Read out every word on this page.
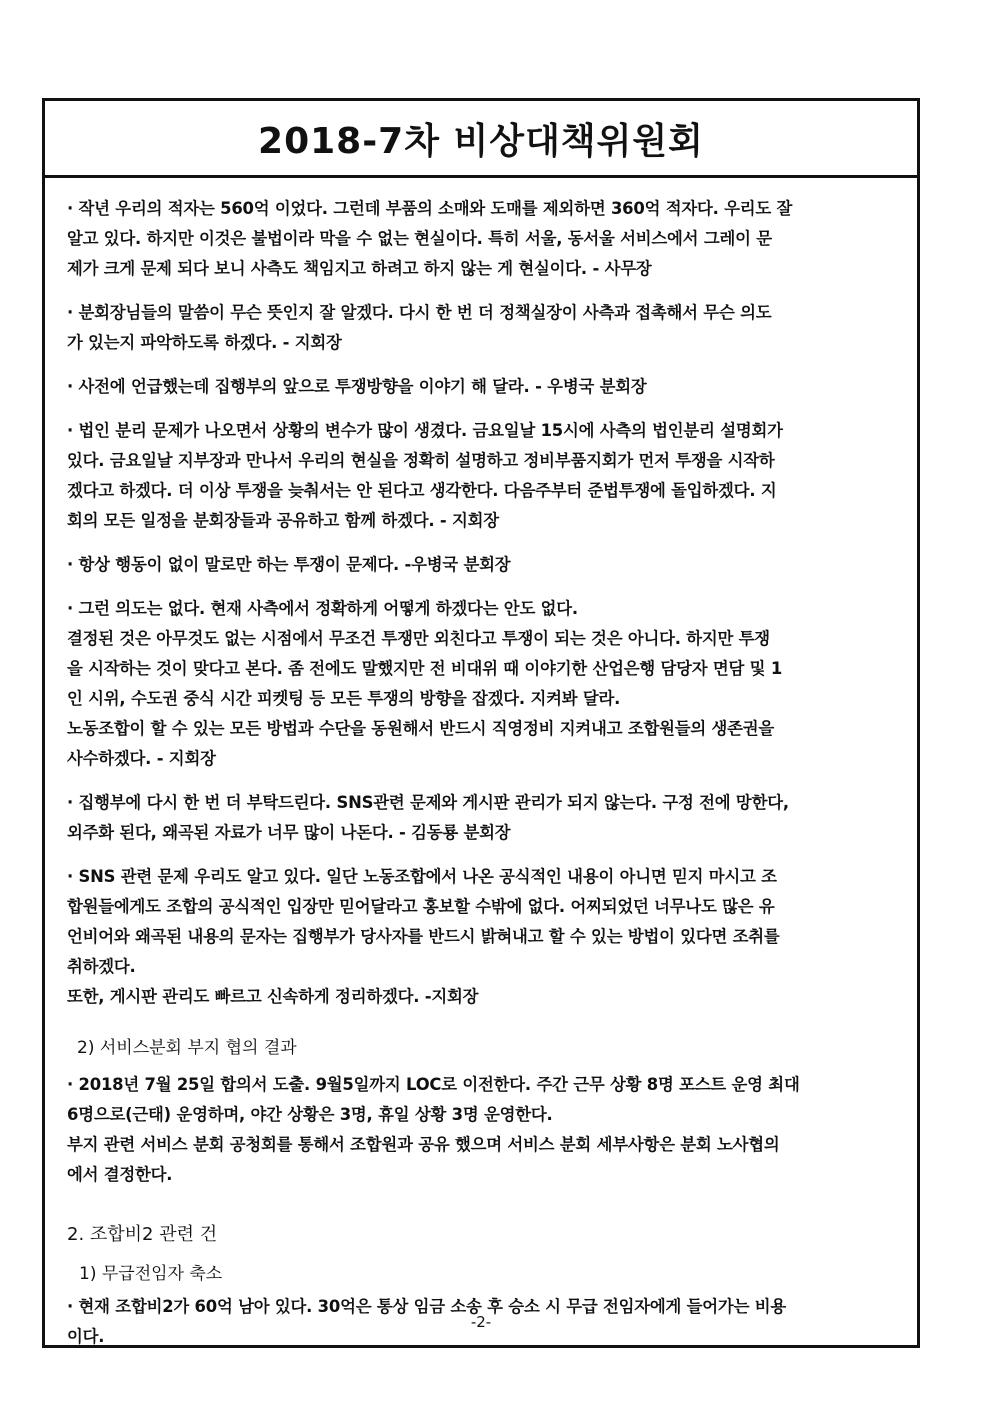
2018-7차 비상대책위원회
· 작년 우리의 적자는 560억 이었다. 그런데 부품의 소매와 도매를 제외하면 360억 적자다. 우리도 잘
알고 있다. 하지만 이것은 불법이라 막을 수 없는 현실이다. 특히 서울, 동서울 서비스에서 그레이 문
제가 크게 문제 되다 보니 사측도 책임지고 하려고 하지 않는 게 현실이다. - 사무장
· 분회장님들의 말씀이 무슨 뜻인지 잘 알겠다. 다시 한 번 더 정책실장이 사측과 접촉해서 무슨 의도
가 있는지 파악하도록 하겠다. - 지회장
· 사전에 언급했는데 집행부의 앞으로 투쟁방향을 이야기 해 달라. - 우병국 분회장
· 법인 분리 문제가 나오면서 상황의 변수가 많이 생겼다. 금요일날 15시에 사측의 법인분리 설명회가
있다. 금요일날 지부장과 만나서 우리의 현실을 정확히 설명하고 정비부품지회가 먼저 투쟁을 시작하
겠다고 하겠다. 더 이상 투쟁을 늦춰서는 안 된다고 생각한다. 다음주부터 준법투쟁에 돌입하겠다. 지
회의 모든 일정을 분회장들과 공유하고 함께 하겠다. - 지회장
· 항상 행동이 없이 말로만 하는 투쟁이 문제다. -우병국 분회장
· 그런 의도는 없다. 현재 사측에서 정확하게 어떻게 하겠다는 안도 없다.
결정된 것은 아무것도 없는 시점에서 무조건 투쟁만 외친다고 투쟁이 되는 것은 아니다. 하지만 투쟁
을 시작하는 것이 맞다고 본다. 좀 전에도 말했지만 전 비대위 때 이야기한 산업은행 담당자 면담 및 1
인 시위, 수도권 중식 시간 피켓팅 등 모든 투쟁의 방향을 잡겠다. 지켜봐 달라.
노동조합이 할 수 있는 모든 방법과 수단을 동원해서 반드시 직영정비 지켜내고 조합원들의 생존권을
사수하겠다. - 지회장
· 집행부에 다시 한 번 더 부탁드린다. SNS관련 문제와 게시판 관리가 되지 않는다. 구정 전에 망한다,
외주화 된다, 왜곡된 자료가 너무 많이 나돈다. - 김동룡 분회장
· SNS 관련 문제 우리도 알고 있다. 일단 노동조합에서 나온 공식적인 내용이 아니면 믿지 마시고 조
합원들에게도 조합의 공식적인 입장만 믿어달라고 홍보할 수밖에 없다. 어찌되었던 너무나도 많은 유
언비어와 왜곡된 내용의 문자는 집행부가 당사자를 반드시 밝혀내고 할 수 있는 방법이 있다면 조취를
취하겠다.
또한, 게시판 관리도 빠르고 신속하게 정리하겠다. -지회장
2) 서비스분회 부지 협의 결과
· 2018년 7월 25일 합의서 도출. 9월5일까지 LOC로 이전한다. 주간 근무 상황 8명 포스트 운영 최대
6명으로(근태) 운영하며, 야간 상황은 3명, 휴일 상황 3명 운영한다.
부지 관련 서비스 분회 공청회를 통해서 조합원과 공유 했으며 서비스 분회 세부사항은 분회 노사협의
에서 결정한다.
2. 조합비2 관련 건
1) 무급전임자 축소
· 현재 조합비2가 60억 남아 있다. 30억은 통상 임금 소송 후 승소 시 무급 전임자에게 들어가는 비용
이다.
-2-
